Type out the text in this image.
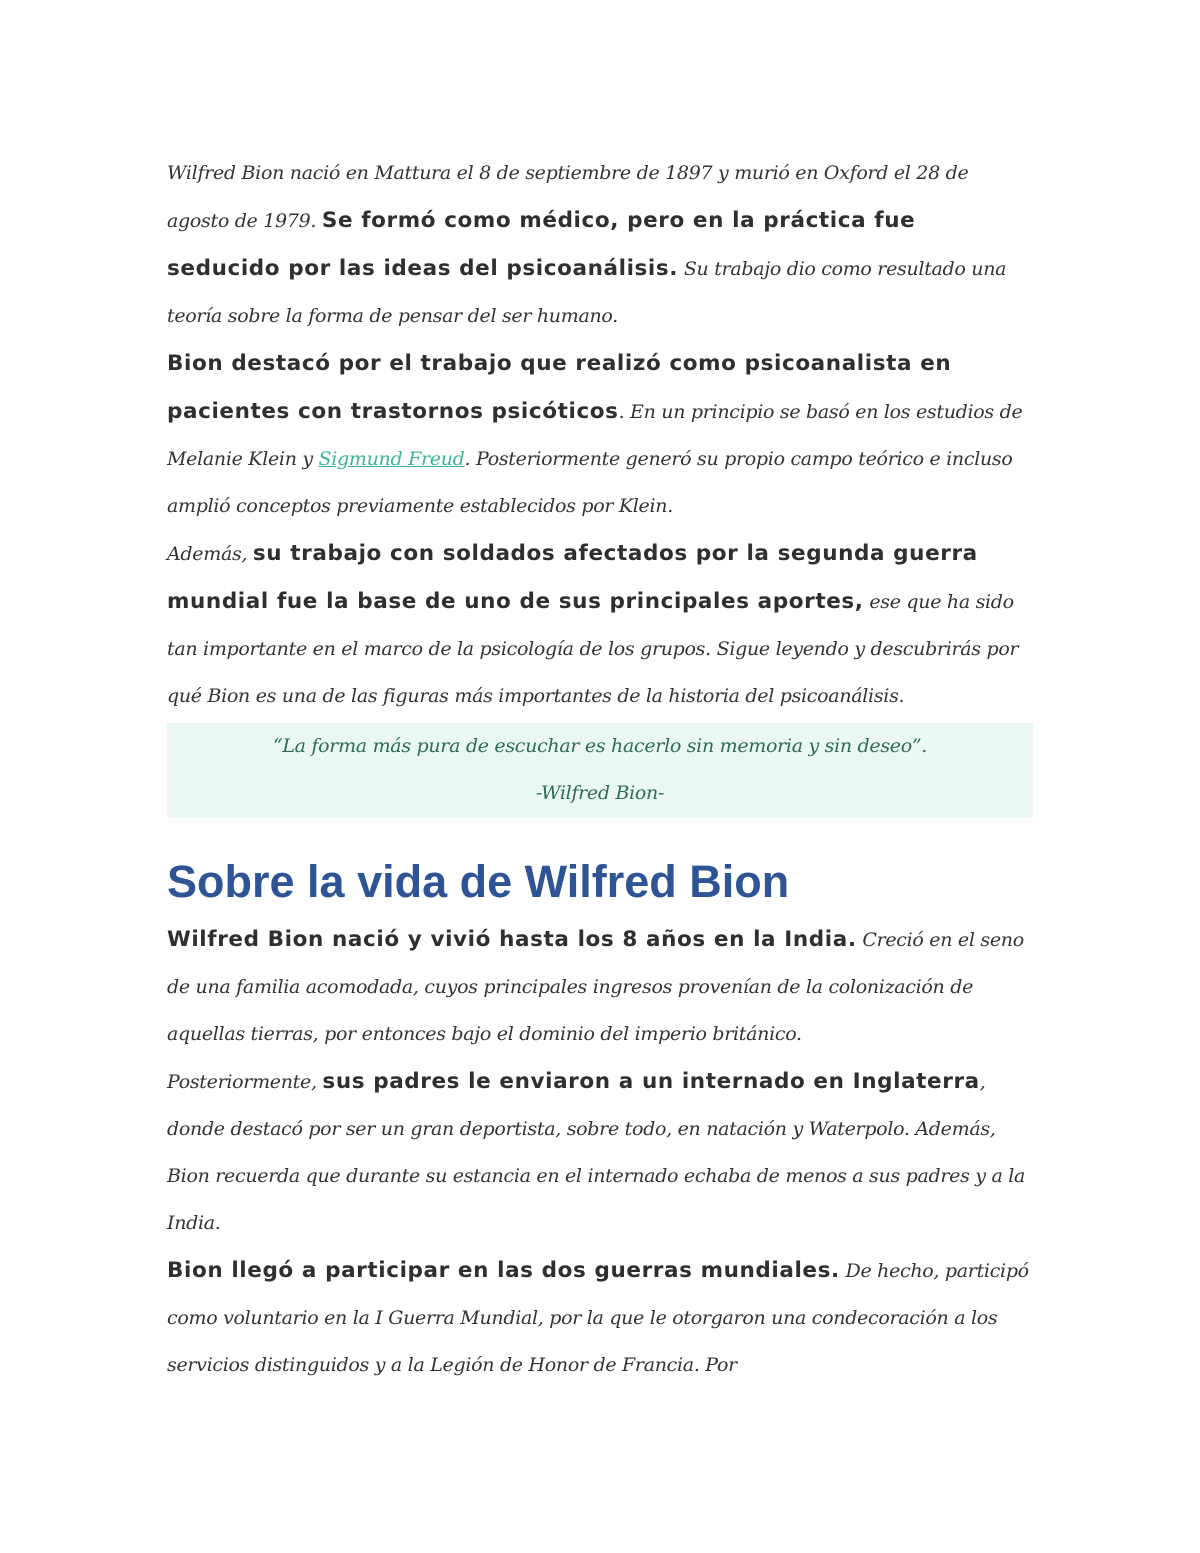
Wilfred Bion nació en Mattura el 8 de septiembre de 1897 y murió en Oxford el 28 de agosto de 1979. Se formó como médico, pero en la práctica fue seducido por las ideas del psicoanálisis. Su trabajo dio como resultado una teoría sobre la forma de pensar del ser humano.

Bion destacó por el trabajo que realizó como psicoanalista en pacientes con trastornos psicóticos. En un principio se basó en los estudios de Melanie Klein y Sigmund Freud. Posteriormente generó su propio campo teórico e incluso amplió conceptos previamente establecidos por Klein.

Además, su trabajo con soldados afectados por la segunda guerra mundial fue la base de uno de sus principales aportes, ese que ha sido tan importante en el marco de la psicología de los grupos. Sigue leyendo y descubrirás por qué Bion es una de las figuras más importantes de la historia del psicoanálisis.

“La forma más pura de escuchar es hacerlo sin memoria y sin deseo”.

-Wilfred Bion-

Sobre la vida de Wilfred Bion

Wilfred Bion nació y vivió hasta los 8 años en la India. Creció en el seno de una familia acomodada, cuyos principales ingresos provenían de la colonización de aquellas tierras, por entonces bajo el dominio del imperio británico.

Posteriormente, sus padres le enviaron a un internado en Inglaterra, donde destacó por ser un gran deportista, sobre todo, en natación y Waterpolo. Además, Bion recuerda que durante su estancia en el internado echaba de menos a sus padres y a la India.

Bion llegó a participar en las dos guerras mundiales. De hecho, participó como voluntario en la I Guerra Mundial, por la que le otorgaron una condecoración a los servicios distinguidos y a la Legión de Honor de Francia. Por
